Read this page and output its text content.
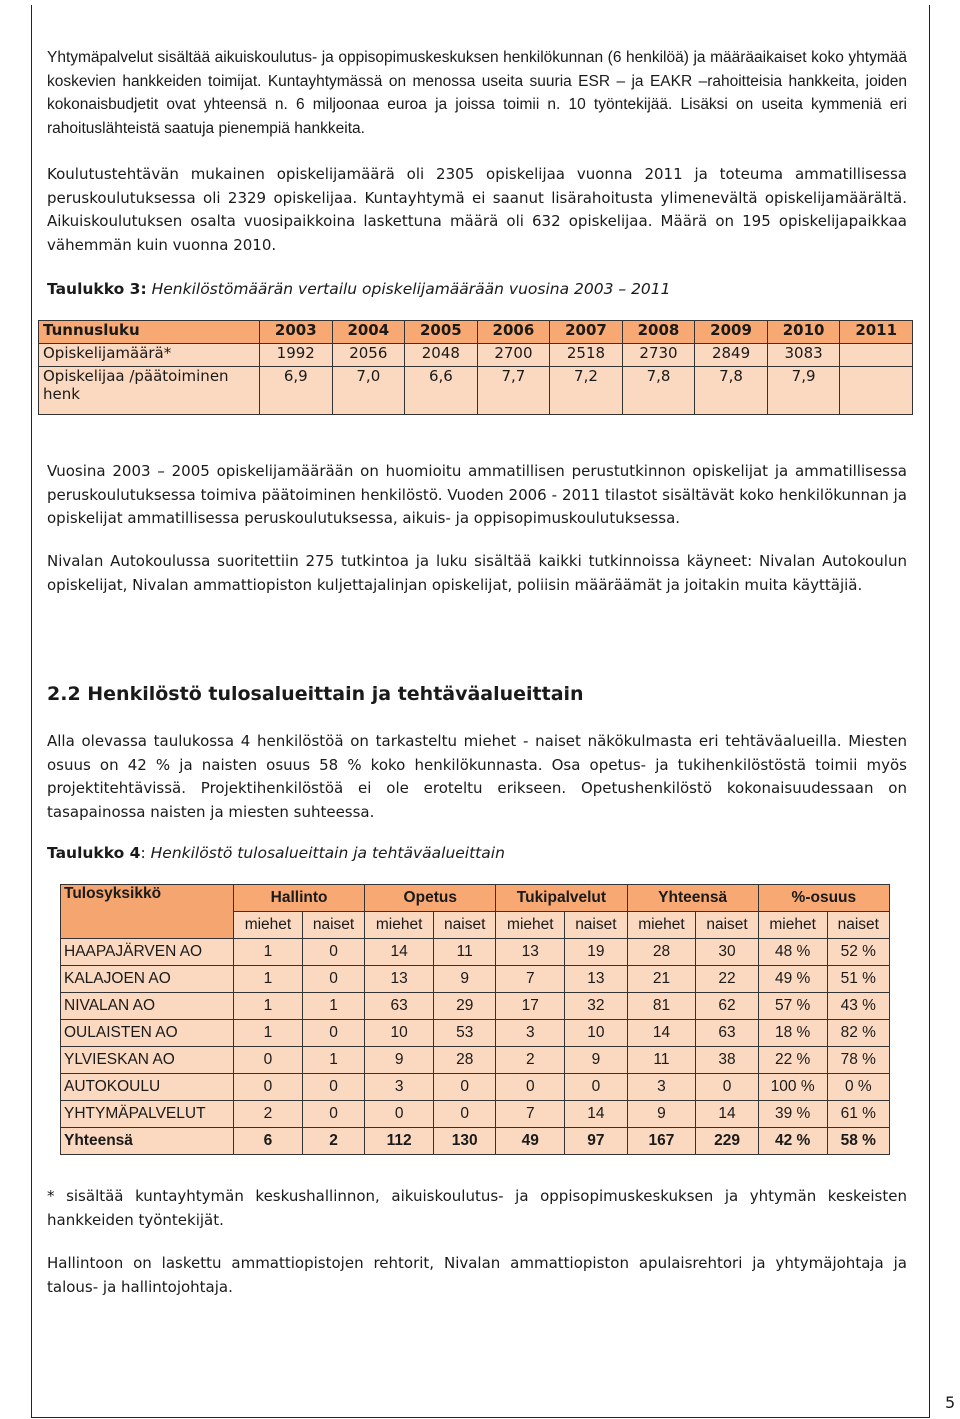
Yhtymäpalvelut sisältää aikuiskoulutus- ja oppisopimuskeskuksen henkilökunnan (6 henkilöä) ja määräaikaiset koko yhtymää koskevien hankkeiden toimijat. Kuntayhtymässä on menossa useita suuria ESR – ja EAKR –rahoitteisia hankkeita, joiden kokonaisbudjetit ovat yhteensä n. 6 miljoonaa euroa ja joissa toimii n. 10 työntekijää. Lisäksi on useita kymmeniä eri rahoituslähteistä saatuja pienempiä hankkeita.

Koulutustehtävän mukainen opiskelijamäärä oli 2305 opiskelijaa vuonna 2011 ja toteuma ammatillisessa peruskoulutuksessa oli 2329 opiskelijaa. Kuntayhtymä ei saanut lisärahoitusta ylimenevältä opiskelijamäärältä. Aikuiskoulutuksen osalta vuosipaikkoina laskettuna määrä oli 632 opiskelijaa. Määrä on 195 opiskelijapaikkaa vähemmän kuin vuonna 2010.

Taulukko 3: Henkilöstömäärän vertailu opiskelijamäärään vuosina 2003 – 2011

Tunnusluku	2003	2004	2005	2006	2007	2008	2009	2010	2011
Opiskelijamäärä*	1992	2056	2048	2700	2518	2730	2849	3083	
Opiskelijaa /päätoiminen henk	6,9	7,0	6,6	7,7	7,2	7,8	7,8	7,9	

Vuosina 2003 – 2005 opiskelijamäärään on huomioitu ammatillisen perustutkinnon opiskelijat ja ammatillisessa peruskoulutuksessa toimiva päätoiminen henkilöstö. Vuoden 2006 - 2011 tilastot sisältävät koko henkilökunnan ja opiskelijat ammatillisessa peruskoulutuksessa, aikuis- ja oppisopimuskoulutuksessa.

Nivalan Autokoulussa suoritettiin 275 tutkintoa ja luku sisältää kaikki tutkinnoissa käyneet: Nivalan Autokoulun opiskelijat, Nivalan ammattiopiston kuljettajalinjan opiskelijat, poliisin määräämät ja joitakin muita käyttäjiä.

2.2 Henkilöstö tulosalueittain ja tehtäväalueittain

Alla olevassa taulukossa 4 henkilöstöä on tarkasteltu miehet - naiset näkökulmasta eri tehtäväalueilla. Miesten osuus on 42 % ja naisten osuus 58 % koko henkilökunnasta. Osa opetus- ja tukihenkilöstöstä toimii myös projektitehtävissä. Projektihenkilöstöä ei ole eroteltu erikseen. Opetushenkilöstö kokonaisuudessaan on tasapainossa naisten ja miesten suhteessa.

Taulukko 4: Henkilöstö tulosalueittain ja tehtäväalueittain

Tulosyksikkö	Hallinto		Opetus		Tukipalvelut		Yhteensä		%-osuus	
	miehet	naiset	miehet	naiset	miehet	naiset	miehet	naiset	miehet	naiset
HAAPAJÄRVEN AO	1	0	14	11	13	19	28	30	48 %	52 %
KALAJOEN AO	1	0	13	9	7	13	21	22	49 %	51 %
NIVALAN AO	1	1	63	29	17	32	81	62	57 %	43 %
OULAISTEN AO	1	0	10	53	3	10	14	63	18 %	82 %
YLVIESKAN AO	0	1	9	28	2	9	11	38	22 %	78 %
AUTOKOULU	0	0	3	0	0	0	3	0	100 %	0 %
YHTYMÄPALVELUT	2	0	0	0	7	14	9	14	39 %	61 %
Yhteensä	6	2	112	130	49	97	167	229	42 %	58 %

* sisältää kuntayhtymän keskushallinnon, aikuiskoulutus- ja oppisopimuskeskuksen ja yhtymän keskeisten hankkeiden työntekijät.

Hallintoon on laskettu ammattiopistojen rehtorit, Nivalan ammattiopiston apulaisrehtori ja yhtymäjohtaja ja talous- ja hallintojohtaja.

5
